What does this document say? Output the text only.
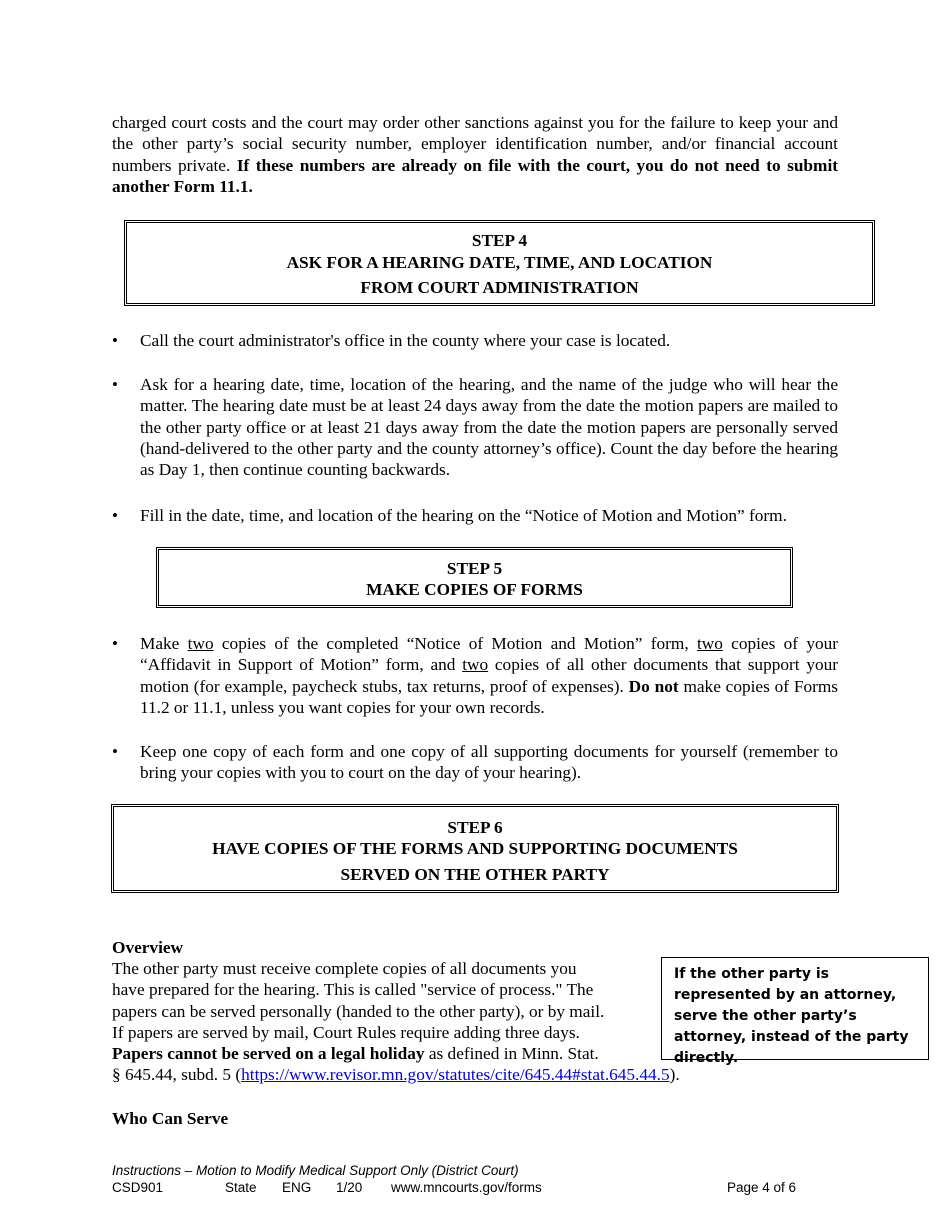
charged court costs and the court may order other sanctions against you for the failure to keep your and the other party’s social security number, employer identification number, and/or financial account numbers private. If these numbers are already on file with the court, you do not need to submit another Form 11.1.
STEP 4
ASK FOR A HEARING DATE, TIME, AND LOCATION
FROM COURT ADMINISTRATION
• Call the court administrator's office in the county where your case is located.
• Ask for a hearing date, time, location of the hearing, and the name of the judge who will hear the matter. The hearing date must be at least 24 days away from the date the motion papers are mailed to the other party office or at least 21 days away from the date the motion papers are personally served (hand-delivered to the other party and the county attorney’s office). Count the day before the hearing as Day 1, then continue counting backwards.
• Fill in the date, time, and location of the hearing on the “Notice of Motion and Motion” form.
STEP 5
MAKE COPIES OF FORMS
• Make two copies of the completed “Notice of Motion and Motion” form, two copies of your “Affidavit in Support of Motion” form, and two copies of all other documents that support your motion (for example, paycheck stubs, tax returns, proof of expenses). Do not make copies of Forms 11.2 or 11.1, unless you want copies for your own records.
• Keep one copy of each form and one copy of all supporting documents for yourself (remember to bring your copies with you to court on the day of your hearing).
STEP 6
HAVE COPIES OF THE FORMS AND SUPPORTING DOCUMENTS
SERVED ON THE OTHER PARTY
Overview
The other party must receive complete copies of all documents you
have prepared for the hearing. This is called "service of process." The
papers can be served personally (handed to the other party), or by mail.
If papers are served by mail, Court Rules require adding three days.
Papers cannot be served on a legal holiday as defined in Minn. Stat.
§ 645.44, subd. 5 (https://www.revisor.mn.gov/statutes/cite/645.44#stat.645.44.5).
If the other party is represented by an attorney, serve the other party’s attorney, instead of the party directly.
Who Can Serve
Instructions – Motion to Modify Medical Support Only (District Court)
CSD901	State ENG 1/20 www.mncourts.gov/forms	Page 4 of 6
